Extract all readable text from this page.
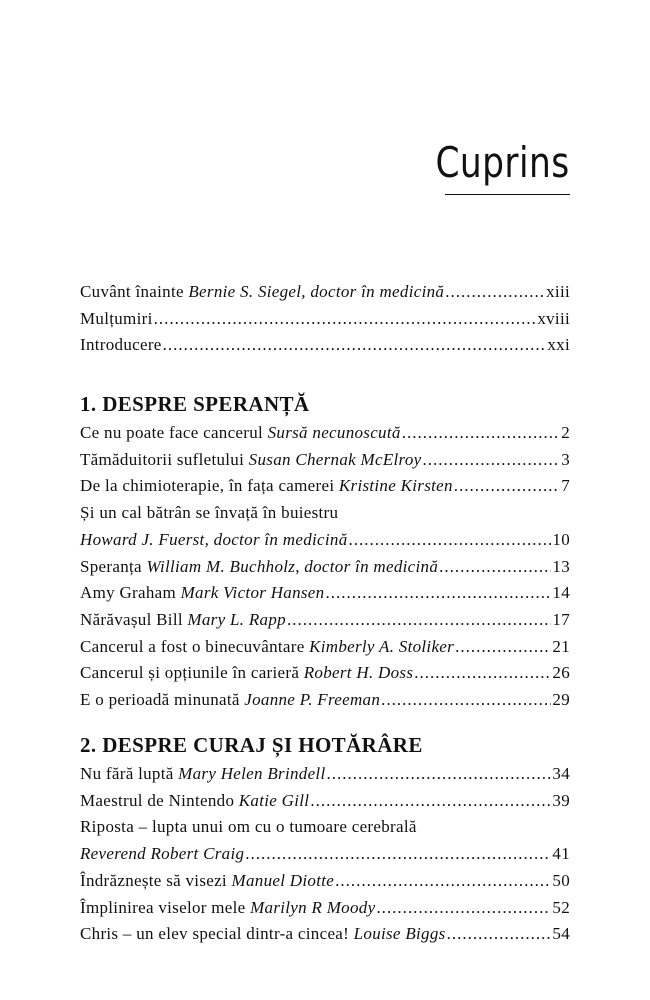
Cuprins
Cuvânt înainte Bernie S. Siegel, doctor în medicină .....	xiii
Mulțumiri .....	xviii
Introducere .....	xxi
1. DESPRE SPERANȚĂ
Ce nu poate face cancerul Sursă necunoscută .....	2
Tămăduitorii sufletului Susan Chernak McElroy .....	3
De la chimioterapie, în fața camerei Kristine Kirsten .....	7
Și un cal bătrân se învață în buiestru
Howard J. Fuerst, doctor în medicină .....	10
Speranța William M. Buchholz, doctor în medicină .....	13
Amy Graham Mark Victor Hansen .....	14
Nărăvașul Bill Mary L. Rapp .....	17
Cancerul a fost o binecuvântare Kimberly A. Stoliker .....	21
Cancerul și opțiunile în carieră Robert H. Doss .....	26
E o perioadă minunată Joanne P. Freeman .....	29
2. DESPRE CURAJ ȘI HOTĂRÂRE
Nu fără luptă Mary Helen Brindell .....	34
Maestrul de Nintendo Katie Gill .....	39
Riposta – lupta unui om cu o tumoare cerebrală
Reverend Robert Craig .....	41
Îndrăznește să visezi Manuel Diotte .....	50
Împlinirea viselor mele Marilyn R Moody .....	52
Chris – un elev special dintr-a cincea! Louise Biggs .....	54
